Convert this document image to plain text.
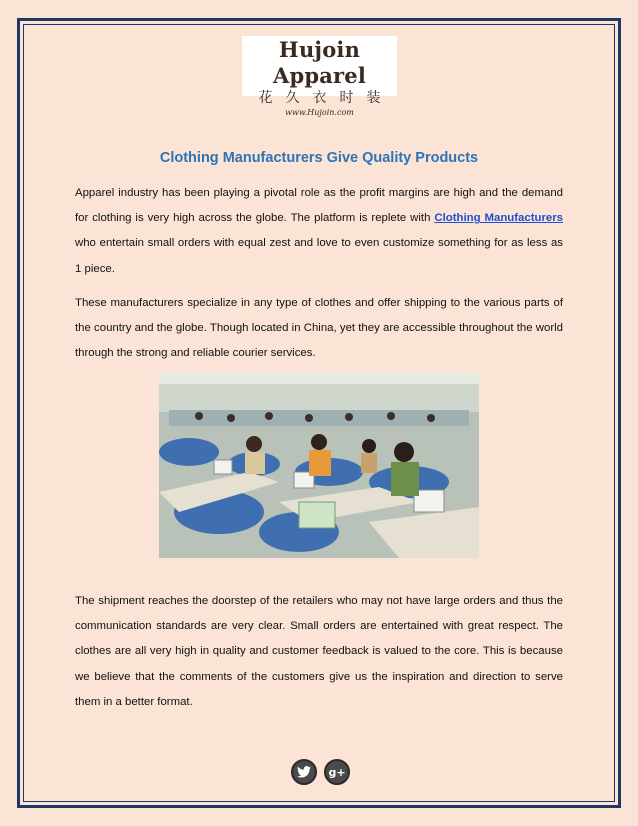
Hujoin Apparel
花久衣时装
www.Hujoin.com
Clothing Manufacturers Give Quality Products

Apparel industry has been playing a pivotal role as the profit margins are high and the demand for clothing is very high across the globe. The platform is replete with Clothing Manufacturers who entertain small orders with equal zest and love to even customize something for as less as 1 piece.

These manufacturers specialize in any type of clothes and offer shipping to the various parts of the country and the globe. Though located in China, yet they are accessible throughout the world through the strong and reliable courier services.

The shipment reaches the doorstep of the retailers who may not have large orders and thus the communication standards are very clear. Small orders are entertained with great respect. The clothes are all very high in quality and customer feedback is valued to the core. This is because we believe that the comments of the customers give us the inspiration and direction to serve them in a better format.

g+
